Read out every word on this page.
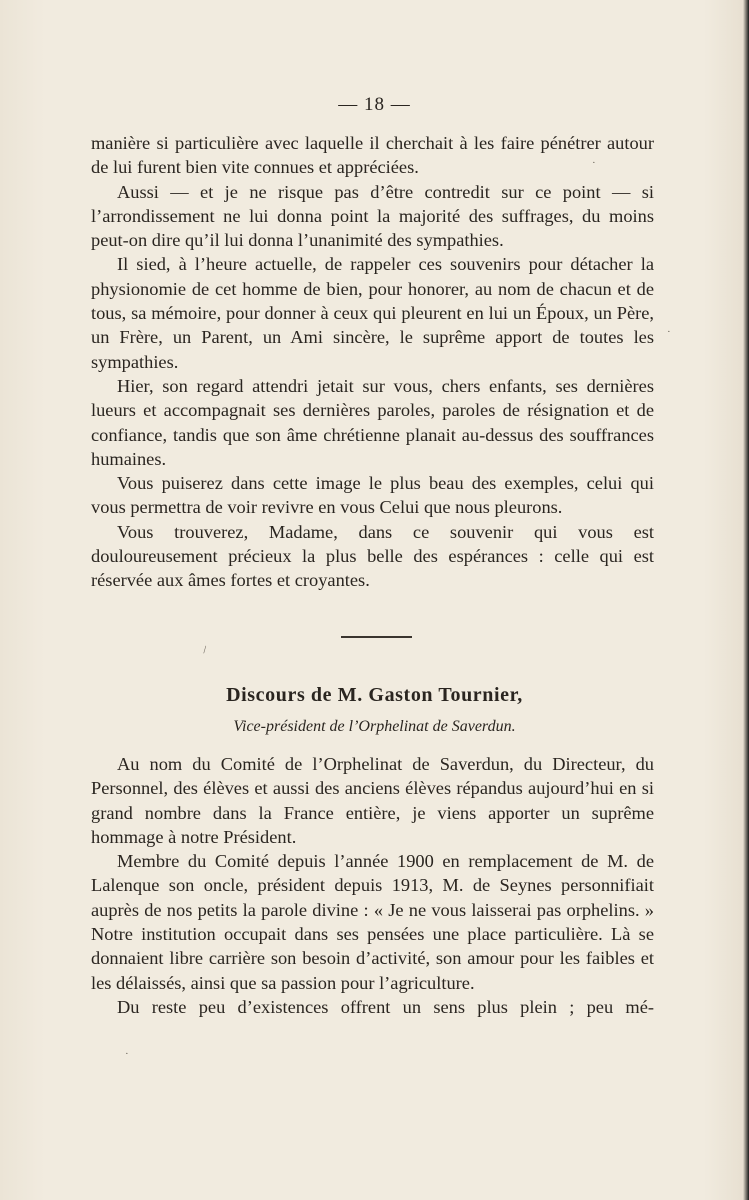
— 18 —

manière si particulière avec laquelle il cherchait à les faire pénétrer autour de lui furent bien vite connues et appréciées.

Aussi — et je ne risque pas d’être contredit sur ce point — si l’arrondissement ne lui donna point la majorité des suffrages, du moins peut-on dire qu’il lui donna l’unanimité des sympathies.

Il sied, à l’heure actuelle, de rappeler ces souvenirs pour détacher la physionomie de cet homme de bien, pour honorer, au nom de chacun et de tous, sa mémoire, pour donner à ceux qui pleurent en lui un Époux, un Père, un Frère, un Parent, un Ami sincère, le suprême apport de toutes les sympathies.

Hier, son regard attendri jetait sur vous, chers enfants, ses dernières lueurs et accompagnait ses dernières paroles, paroles de résignation et de confiance, tandis que son âme chrétienne planait au-dessus des souffrances humaines.

Vous puiserez dans cette image le plus beau des exemples, celui qui vous permettra de voir revivre en vous Celui que nous pleurons.

Vous trouverez, Madame, dans ce souvenir qui vous est douloureusement précieux la plus belle des espérances : celle qui est réservée aux âmes fortes et croyantes.

Discours de M. Gaston Tournier,
Vice-président de l’Orphelinat de Saverdun.

Au nom du Comité de l’Orphelinat de Saverdun, du Directeur, du Personnel, des élèves et aussi des anciens élèves répandus aujourd’hui en si grand nombre dans la France entière, je viens apporter un suprême hommage à notre Président.

Membre du Comité depuis l’année 1900 en remplacement de M. de Lalenque son oncle, président depuis 1913, M. de Seynes personnifiait auprès de nos petits la parole divine : « Je ne vous laisserai pas orphelins. » Notre institution occupait dans ses pensées une place particulière. Là se donnaient libre carrière son besoin d’activité, son amour pour les faibles et les délaissés, ainsi que sa passion pour l’agriculture.

Du reste peu d’existences offrent un sens plus plein ; peu mé-

·
·
\
·
